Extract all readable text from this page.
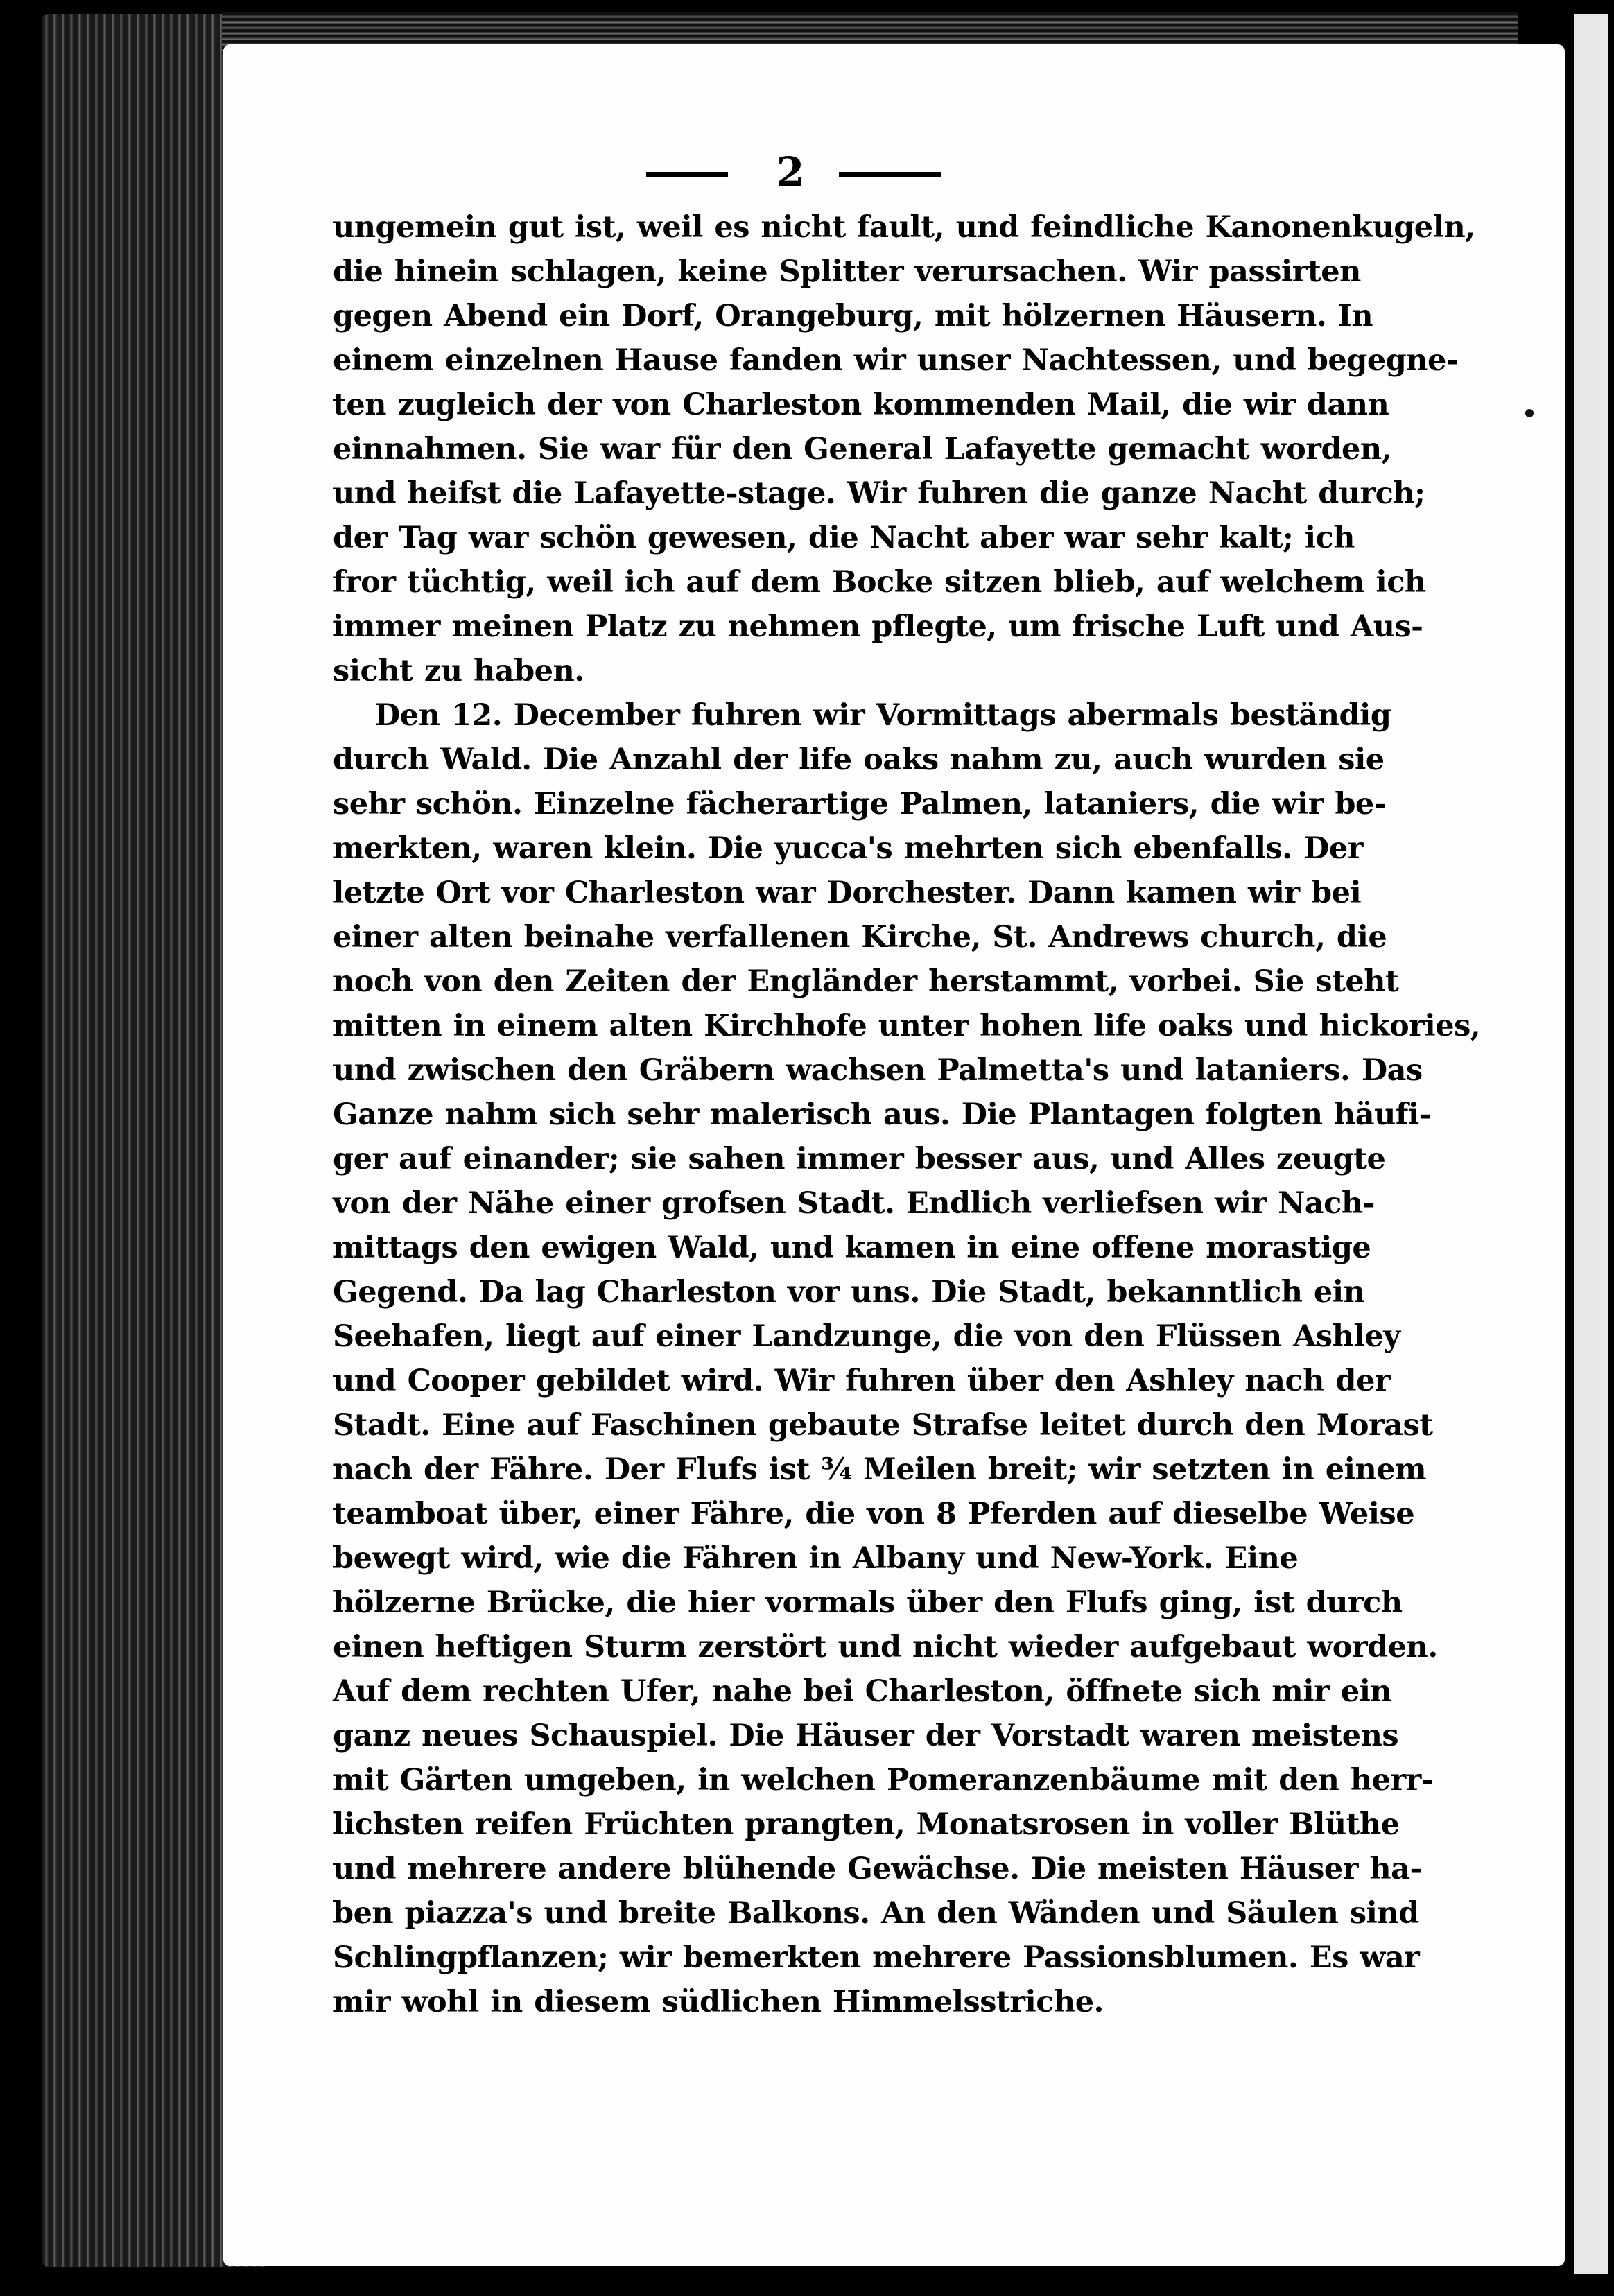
2
ungemein gut ist, weil es nicht fault, und feindliche Kanonenkugeln,
die hinein schlagen, keine Splitter verursachen. Wir passirten
gegen Abend ein Dorf, Orangeburg, mit hölzernen Häusern. In
einem einzelnen Hause fanden wir unser Nachtessen, und begegne-
ten zugleich der von Charleston kommenden Mail, die wir dann
einnahmen. Sie war für den General Lafayette gemacht worden,
und heifst die Lafayette-stage. Wir fuhren die ganze Nacht durch;
der Tag war schön gewesen, die Nacht aber war sehr kalt; ich
fror tüchtig, weil ich auf dem Bocke sitzen blieb, auf welchem ich
immer meinen Platz zu nehmen pflegte, um frische Luft und Aus-
sicht zu haben.
Den 12. December fuhren wir Vormittags abermals beständig
durch Wald. Die Anzahl der life oaks nahm zu, auch wurden sie
sehr schön. Einzelne fächerartige Palmen, lataniers, die wir be-
merkten, waren klein. Die yucca's mehrten sich ebenfalls. Der
letzte Ort vor Charleston war Dorchester. Dann kamen wir bei
einer alten beinahe verfallenen Kirche, St. Andrews church, die
noch von den Zeiten der Engländer herstammt, vorbei. Sie steht
mitten in einem alten Kirchhofe unter hohen life oaks und hickories,
und zwischen den Gräbern wachsen Palmetta's und lataniers. Das
Ganze nahm sich sehr malerisch aus. Die Plantagen folgten häufi-
ger auf einander; sie sahen immer besser aus, und Alles zeugte
von der Nähe einer grofsen Stadt. Endlich verliefsen wir Nach-
mittags den ewigen Wald, und kamen in eine offene morastige
Gegend. Da lag Charleston vor uns. Die Stadt, bekanntlich ein
Seehafen, liegt auf einer Landzunge, die von den Flüssen Ashley
und Cooper gebildet wird. Wir fuhren über den Ashley nach der
Stadt. Eine auf Faschinen gebaute Strafse leitet durch den Morast
nach der Fähre. Der Flufs ist ¾ Meilen breit; wir setzten in einem
teamboat über, einer Fähre, die von 8 Pferden auf dieselbe Weise
bewegt wird, wie die Fähren in Albany und New-York. Eine
hölzerne Brücke, die hier vormals über den Flufs ging, ist durch
einen heftigen Sturm zerstört und nicht wieder aufgebaut worden.
Auf dem rechten Ufer, nahe bei Charleston, öffnete sich mir ein
ganz neues Schauspiel. Die Häuser der Vorstadt waren meistens
mit Gärten umgeben, in welchen Pomeranzenbäume mit den herr-
lichsten reifen Früchten prangten, Monatsrosen in voller Blüthe
und mehrere andere blühende Gewächse. Die meisten Häuser ha-
ben piazza's und breite Balkons. An den Wänden und Säulen sind
Schlingpflanzen; wir bemerkten mehrere Passionsblumen. Es war
mir wohl in diesem südlichen Himmelsstriche.
